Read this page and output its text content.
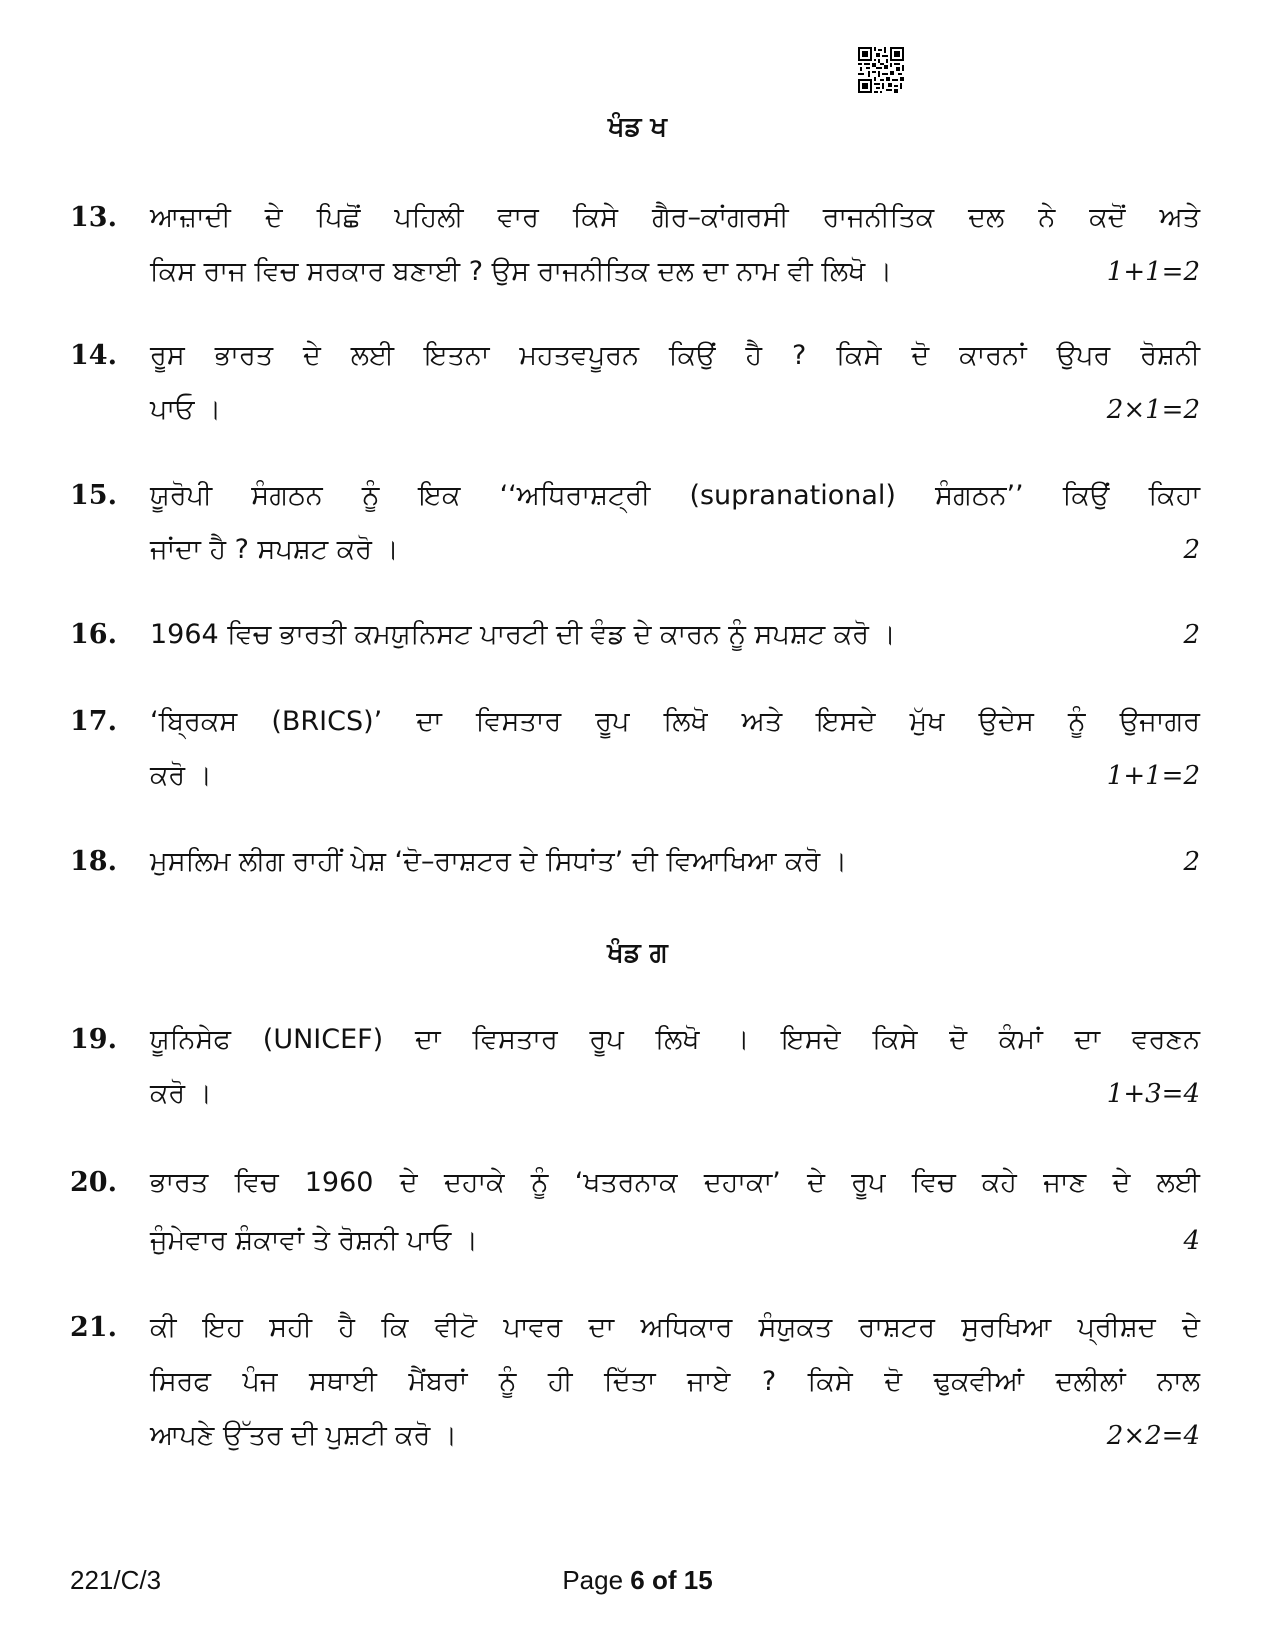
ਖੰਡ ਖ
13. ਆਜ਼ਾਦੀ ਦੇ ਪਿਛੋਂ ਪਹਿਲੀ ਵਾਰ ਕਿਸੇ ਗੈਰ–ਕਾਂਗਰਸੀ ਰਾਜਨੀਤਿਕ ਦਲ ਨੇ ਕਦੋਂ ਅਤੇ
ਕਿਸ ਰਾਜ ਵਿਚ ਸਰਕਾਰ ਬਣਾਈ ? ਉਸ ਰਾਜਨੀਤਿਕ ਦਲ ਦਾ ਨਾਮ ਵੀ ਲਿਖੋ ।	1+1=2
14. ਰੂਸ ਭਾਰਤ ਦੇ ਲਈ ਇਤਨਾ ਮਹਤਵਪੂਰਨ ਕਿਉਂ ਹੈ ? ਕਿਸੇ ਦੋ ਕਾਰਨਾਂ ਉਪਰ ਰੋਸ਼ਨੀ
ਪਾਓ ।	2×1=2
15. ਯੂਰੋਪੀ ਸੰਗਠਨ ਨੂੰ ਇਕ ‘‘ਅਧਿਰਾਸ਼ਟ੍ਰੀ (supranational) ਸੰਗਠਨ’’ ਕਿਉਂ ਕਿਹਾ
ਜਾਂਦਾ ਹੈ ? ਸਪਸ਼ਟ ਕਰੋ ।	2
16. 1964 ਵਿਚ ਭਾਰਤੀ ਕਮਯੁਨਿਸਟ ਪਾਰਟੀ ਦੀ ਵੰਡ ਦੇ ਕਾਰਨ ਨੂੰ ਸਪਸ਼ਟ ਕਰੋ ।	2
17. ‘ਬ੍ਰਿਕਸ (BRICS)’ ਦਾ ਵਿਸਤਾਰ ਰੂਪ ਲਿਖੋ ਅਤੇ ਇਸਦੇ ਮੁੱਖ ਉਦੇਸ ਨੂੰ ਉਜਾਗਰ
ਕਰੋ ।	1+1=2
18. ਮੁਸਲਿਮ ਲੀਗ ਰਾਹੀਂ ਪੇਸ਼ ‘ਦੋ–ਰਾਸ਼ਟਰ ਦੇ ਸਿਧਾਂਤ’ ਦੀ ਵਿਆਖਿਆ ਕਰੋ ।	2
ਖੰਡ ਗ
19. ਯੂਨਿਸੇਫ (UNICEF) ਦਾ ਵਿਸਤਾਰ ਰੂਪ ਲਿਖੋ । ਇਸਦੇ ਕਿਸੇ ਦੋ ਕੰਮਾਂ ਦਾ ਵਰਣਨ
ਕਰੋ ।	1+3=4
20. ਭਾਰਤ ਵਿਚ 1960 ਦੇ ਦਹਾਕੇ ਨੂੰ ‘ਖਤਰਨਾਕ ਦਹਾਕਾ’ ਦੇ ਰੂਪ ਵਿਚ ਕਹੇ ਜਾਣ ਦੇ ਲਈ
ਜੁੰਮੇਵਾਰ ਸ਼ੰਕਾਵਾਂ ਤੇ ਰੋਸ਼ਨੀ ਪਾਓ ।	4
21. ਕੀ ਇਹ ਸਹੀ ਹੈ ਕਿ ਵੀਟੋ ਪਾਵਰ ਦਾ ਅਧਿਕਾਰ ਸੰਯੁਕਤ ਰਾਸ਼ਟਰ ਸੁਰਖਿਆ ਪ੍ਰੀਸ਼ਦ ਦੇ
ਸਿਰਫ ਪੰਜ ਸਥਾਈ ਮੈਂਬਰਾਂ ਨੂੰ ਹੀ ਦਿੱਤਾ ਜਾਏ ? ਕਿਸੇ ਦੋ ਢੁਕਵੀਆਂ ਦਲੀਲਾਂ ਨਾਲ
ਆਪਣੇ ਉੱਤਰ ਦੀ ਪੁਸ਼ਟੀ ਕਰੋ ।	2×2=4
221/C/3	Page 6 of 15
